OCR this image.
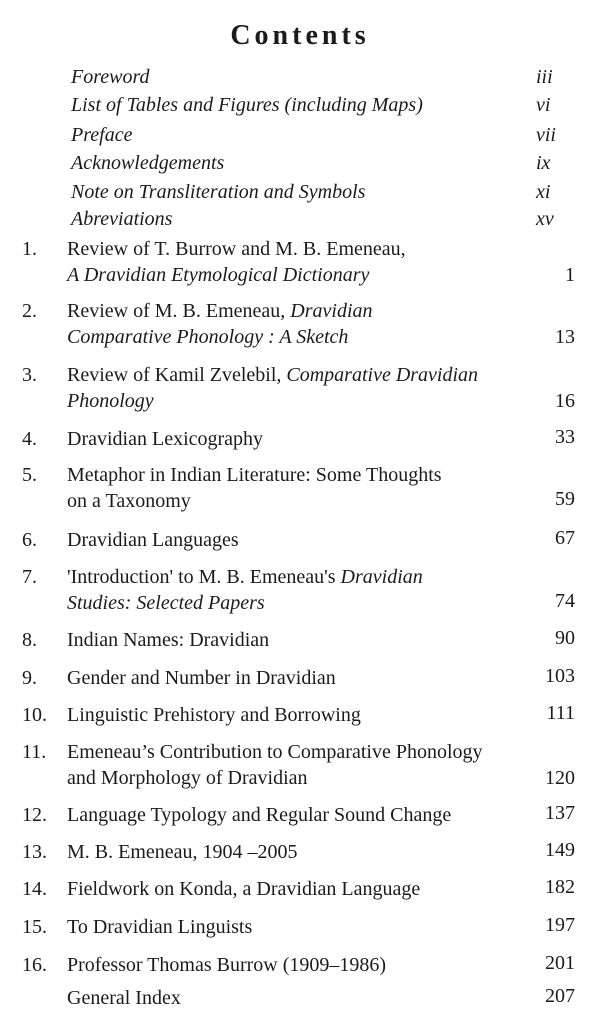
Contents
Foreword	iii
List of Tables and Figures (including Maps)	vi
Preface	vii
Acknowledgements	ix
Note on Transliteration and Symbols	xi
Abreviations	xv
1. Review of T. Burrow and M. B. Emeneau,
A Dravidian Etymological Dictionary	1
2. Review of M. B. Emeneau, Dravidian
Comparative Phonology : A Sketch	13
3. Review of Kamil Zvelebil, Comparative Dravidian
Phonology	16
4. Dravidian Lexicography	33
5. Metaphor in Indian Literature: Some Thoughts
on a Taxonomy	59
6. Dravidian Languages	67
7. 'Introduction' to M. B. Emeneau's Dravidian
Studies: Selected Papers	74
8. Indian Names: Dravidian	90
9. Gender and Number in Dravidian	103
10. Linguistic Prehistory and Borrowing	111
11. Emeneau’s Contribution to Comparative Phonology
and Morphology of Dravidian	120
12. Language Typology and Regular Sound Change	137
13. M. B. Emeneau, 1904 –2005	149
14. Fieldwork on Konda, a Dravidian Language	182
15. To Dravidian Linguists	197
16. Professor Thomas Burrow (1909–1986)	201
General Index	207
